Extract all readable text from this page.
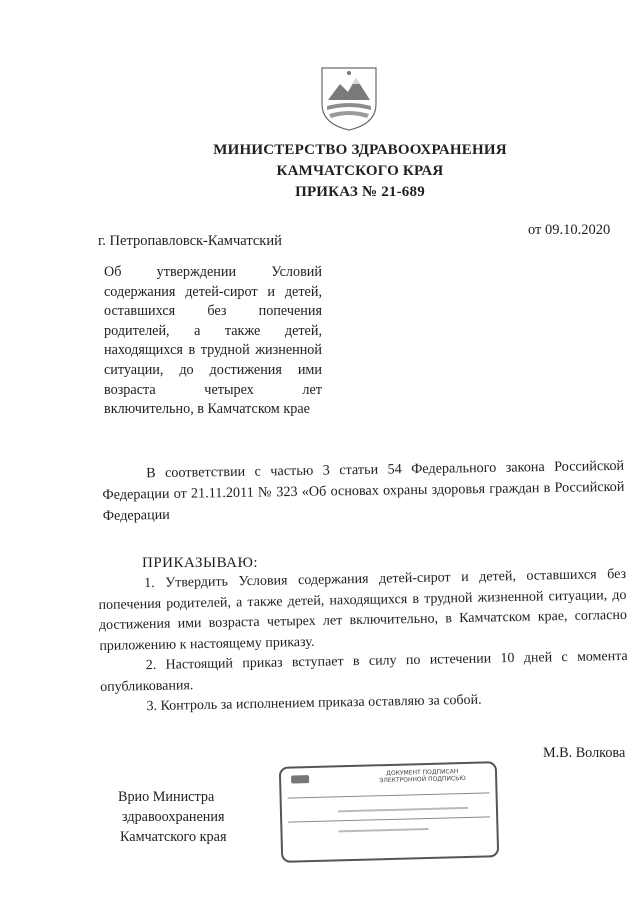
МИНИСТЕРСТВО ЗДРАВООХРАНЕНИЯ
КАМЧАТСКОГО КРАЯ
ПРИКАЗ № 21-689
от 09.10.2020
г. Петропавловск-Камчатский
Об утверждении Условий содержания детей-сирот и детей, оставшихся без попечения родителей, а также детей, находящихся в трудной жизненной ситуации, до достижения ими возраста четырех лет включительно, в Камчатском крае
В соответствии с частью 3 статьи 54 Федерального закона Российской Федерации от 21.11.2011 № 323 «Об основах охраны здоровья граждан в Российской Федерации
ПРИКАЗЫВАЮ:

1. Утвердить Условия содержания детей-сирот и детей, оставшихся без попечения родителей, а также детей, находящихся в трудной жизненной ситуации, до достижения ими возраста четырех лет включительно, в Камчатском крае, согласно приложению к настоящему приказу.

2. Настоящий приказ вступает в силу по истечении 10 дней с момента опубликования.

3. Контроль за исполнением приказа оставляю за собой.

М.В. Волкова
Врио Министра
здравоохранения
Камчатского края
ДОКУМЕНТ ПОДПИСАН
ЭЛЕКТРОННОЙ ПОДПИСЬЮ
